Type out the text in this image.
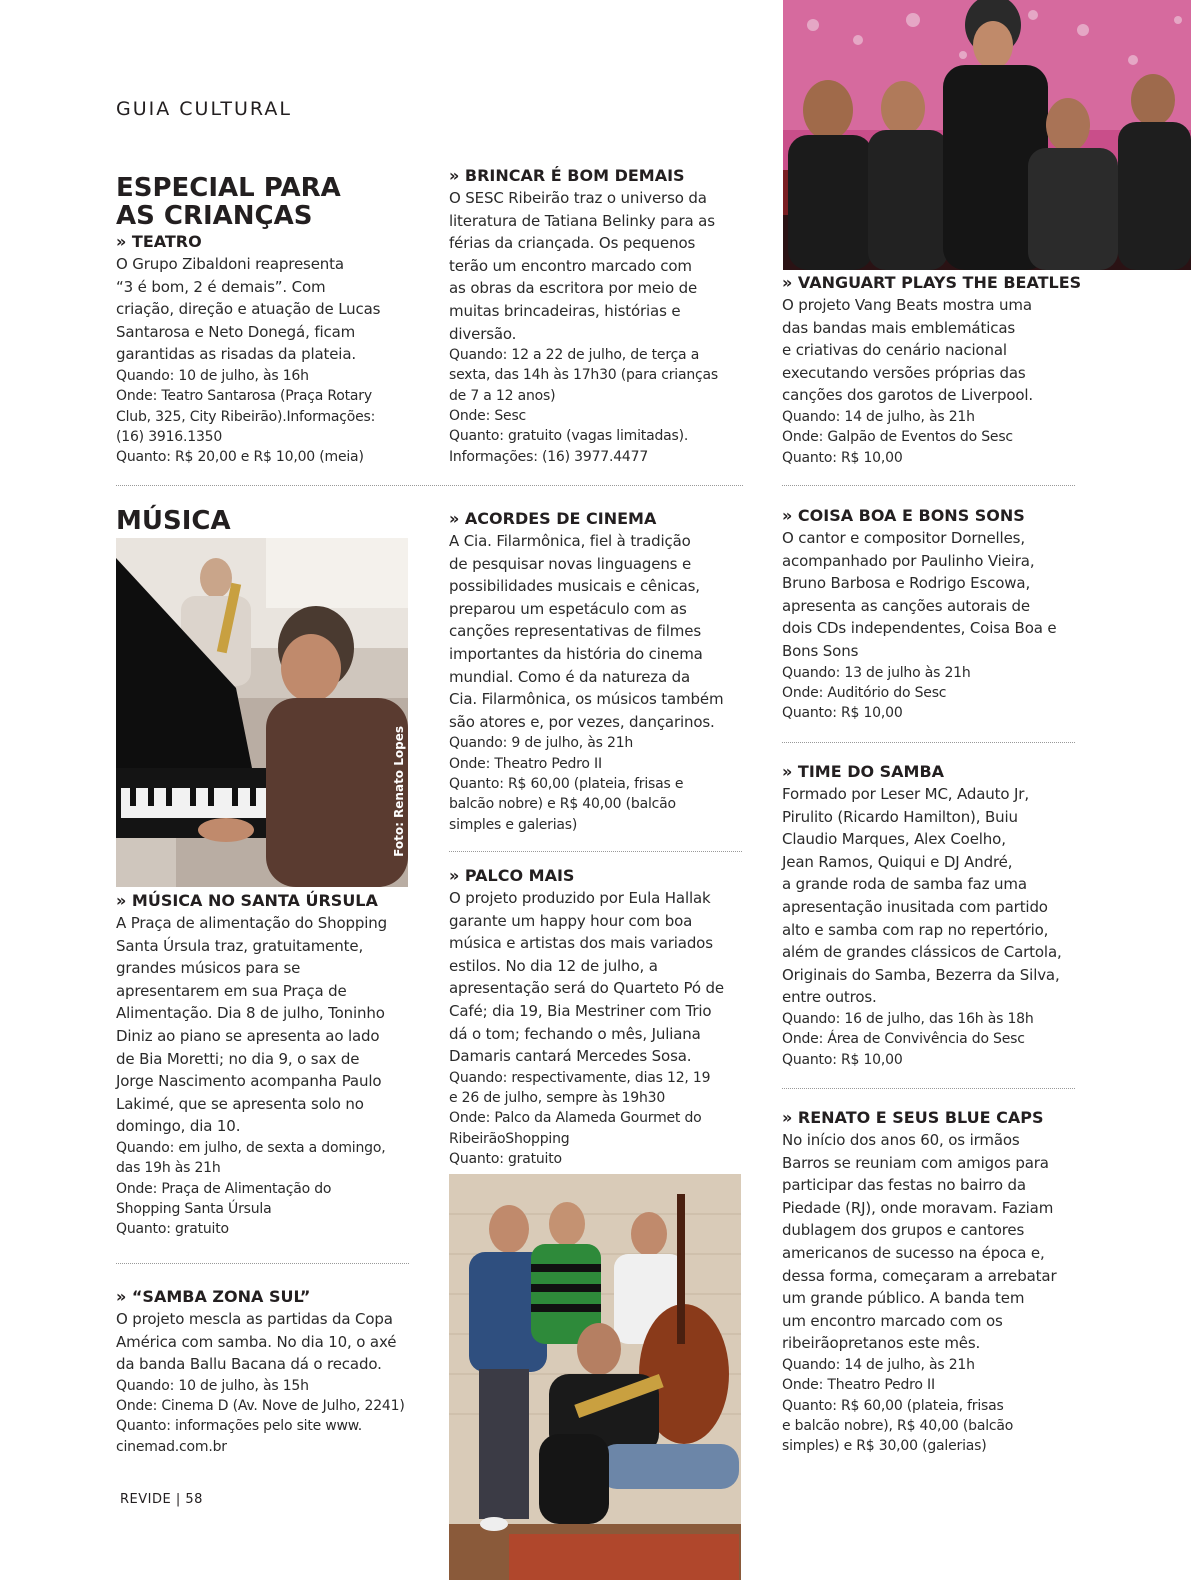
GUIA CULTURAL
ESPECIAL PARA
AS CRIANÇAS
» TEATRO

O Grupo Zibaldoni reapresenta
“3 é bom, 2 é demais”. Com
criação, direção e atuação de Lucas
Santarosa e Neto Donegá, ficam
garantidas as risadas da plateia.

Quando: 10 de julho, às 16h
Onde: Teatro Santarosa (Praça Rotary
Club, 325, City Ribeirão).Informações:
(16) 3916.1350
Quanto: R$ 20,00 e R$ 10,00 (meia)

» BRINCAR É BOM DEMAIS

O SESC Ribeirão traz o universo da
literatura de Tatiana Belinky para as
férias da criançada. Os pequenos
terão um encontro marcado com
as obras da escritora por meio de
muitas brincadeiras, histórias e
diversão.

Quando: 12 a 22 de julho, de terça a
sexta, das 14h às 17h30 (para crianças
de 7 a 12 anos)
Onde: Sesc
Quanto: gratuito (vagas limitadas).
Informações: (16) 3977.4477

» VANGUART PLAYS THE BEATLES

O projeto Vang Beats mostra uma
das bandas mais emblemáticas
e criativas do cenário nacional
executando versões próprias das
canções dos garotos de Liverpool.

Quando: 14 de julho, às 21h
Onde: Galpão de Eventos do Sesc
Quanto: R$ 10,00

MÚSICA
Foto: Renato Lopes
» MÚSICA NO SANTA ÚRSULA

A Praça de alimentação do Shopping
Santa Úrsula traz, gratuitamente,
grandes músicos para se
apresentarem em sua Praça de
Alimentação. Dia 8 de julho, Toninho
Diniz ao piano se apresenta ao lado
de Bia Moretti; no dia 9, o sax de
Jorge Nascimento acompanha Paulo
Lakimé, que se apresenta solo no
domingo, dia 10.

Quando: em julho, de sexta a domingo,
das 19h às 21h
Onde: Praça de Alimentação do
Shopping Santa Úrsula
Quanto: gratuito

» “SAMBA ZONA SUL”

O projeto mescla as partidas da Copa
América com samba. No dia 10, o axé
da banda Ballu Bacana dá o recado.

Quando: 10 de julho, às 15h
Onde: Cinema D (Av. Nove de Julho, 2241)
Quanto: informações pelo site www.
cinemad.com.br

» ACORDES DE CINEMA

A Cia. Filarmônica, fiel à tradição
de pesquisar novas linguagens e
possibilidades musicais e cênicas,
preparou um espetáculo com as
canções representativas de filmes
importantes da história do cinema
mundial. Como é da natureza da
Cia. Filarmônica, os músicos também
são atores e, por vezes, dançarinos.

Quando: 9 de julho, às 21h
Onde: Theatro Pedro II
Quanto: R$ 60,00 (plateia, frisas e
balcão nobre) e R$ 40,00 (balcão
simples e galerias)

» PALCO MAIS

O projeto produzido por Eula Hallak
garante um happy hour com boa
música e artistas dos mais variados
estilos. No dia 12 de julho, a
apresentação será do Quarteto Pó de
Café; dia 19, Bia Mestriner com Trio
dá o tom; fechando o mês, Juliana
Damaris cantará Mercedes Sosa.

Quando: respectivamente, dias 12, 19
e 26 de julho, sempre às 19h30
Onde: Palco da Alameda Gourmet do
RibeirãoShopping
Quanto: gratuito

» COISA BOA E BONS SONS

O cantor e compositor Dornelles,
acompanhado por Paulinho Vieira,
Bruno Barbosa e Rodrigo Escowa,
apresenta as canções autorais de
dois CDs independentes, Coisa Boa e
Bons Sons

Quando: 13 de julho às 21h
Onde: Auditório do Sesc
Quanto: R$ 10,00

» TIME DO SAMBA

Formado por Leser MC, Adauto Jr,
Pirulito (Ricardo Hamilton), Buiu
Claudio Marques, Alex Coelho,
Jean Ramos, Quiqui e DJ André,
a grande roda de samba faz uma
apresentação inusitada com partido
alto e samba com rap no repertório,
além de grandes clássicos de Cartola,
Originais do Samba, Bezerra da Silva,
entre outros.

Quando: 16 de julho, das 16h às 18h
Onde: Área de Convivência do Sesc
Quanto: R$ 10,00

» RENATO E SEUS BLUE CAPS

No início dos anos 60, os irmãos
Barros se reuniam com amigos para
participar das festas no bairro da
Piedade (RJ), onde moravam. Faziam
dublagem dos grupos e cantores
americanos de sucesso na época e,
dessa forma, começaram a arrebatar
um grande público. A banda tem
um encontro marcado com os
ribeirãopretanos este mês.

Quando: 14 de julho, às 21h
Onde: Theatro Pedro II
Quanto: R$ 60,00 (plateia, frisas
e balcão nobre), R$ 40,00 (balcão
simples) e R$ 30,00 (galerias)

REVIDE | 58
